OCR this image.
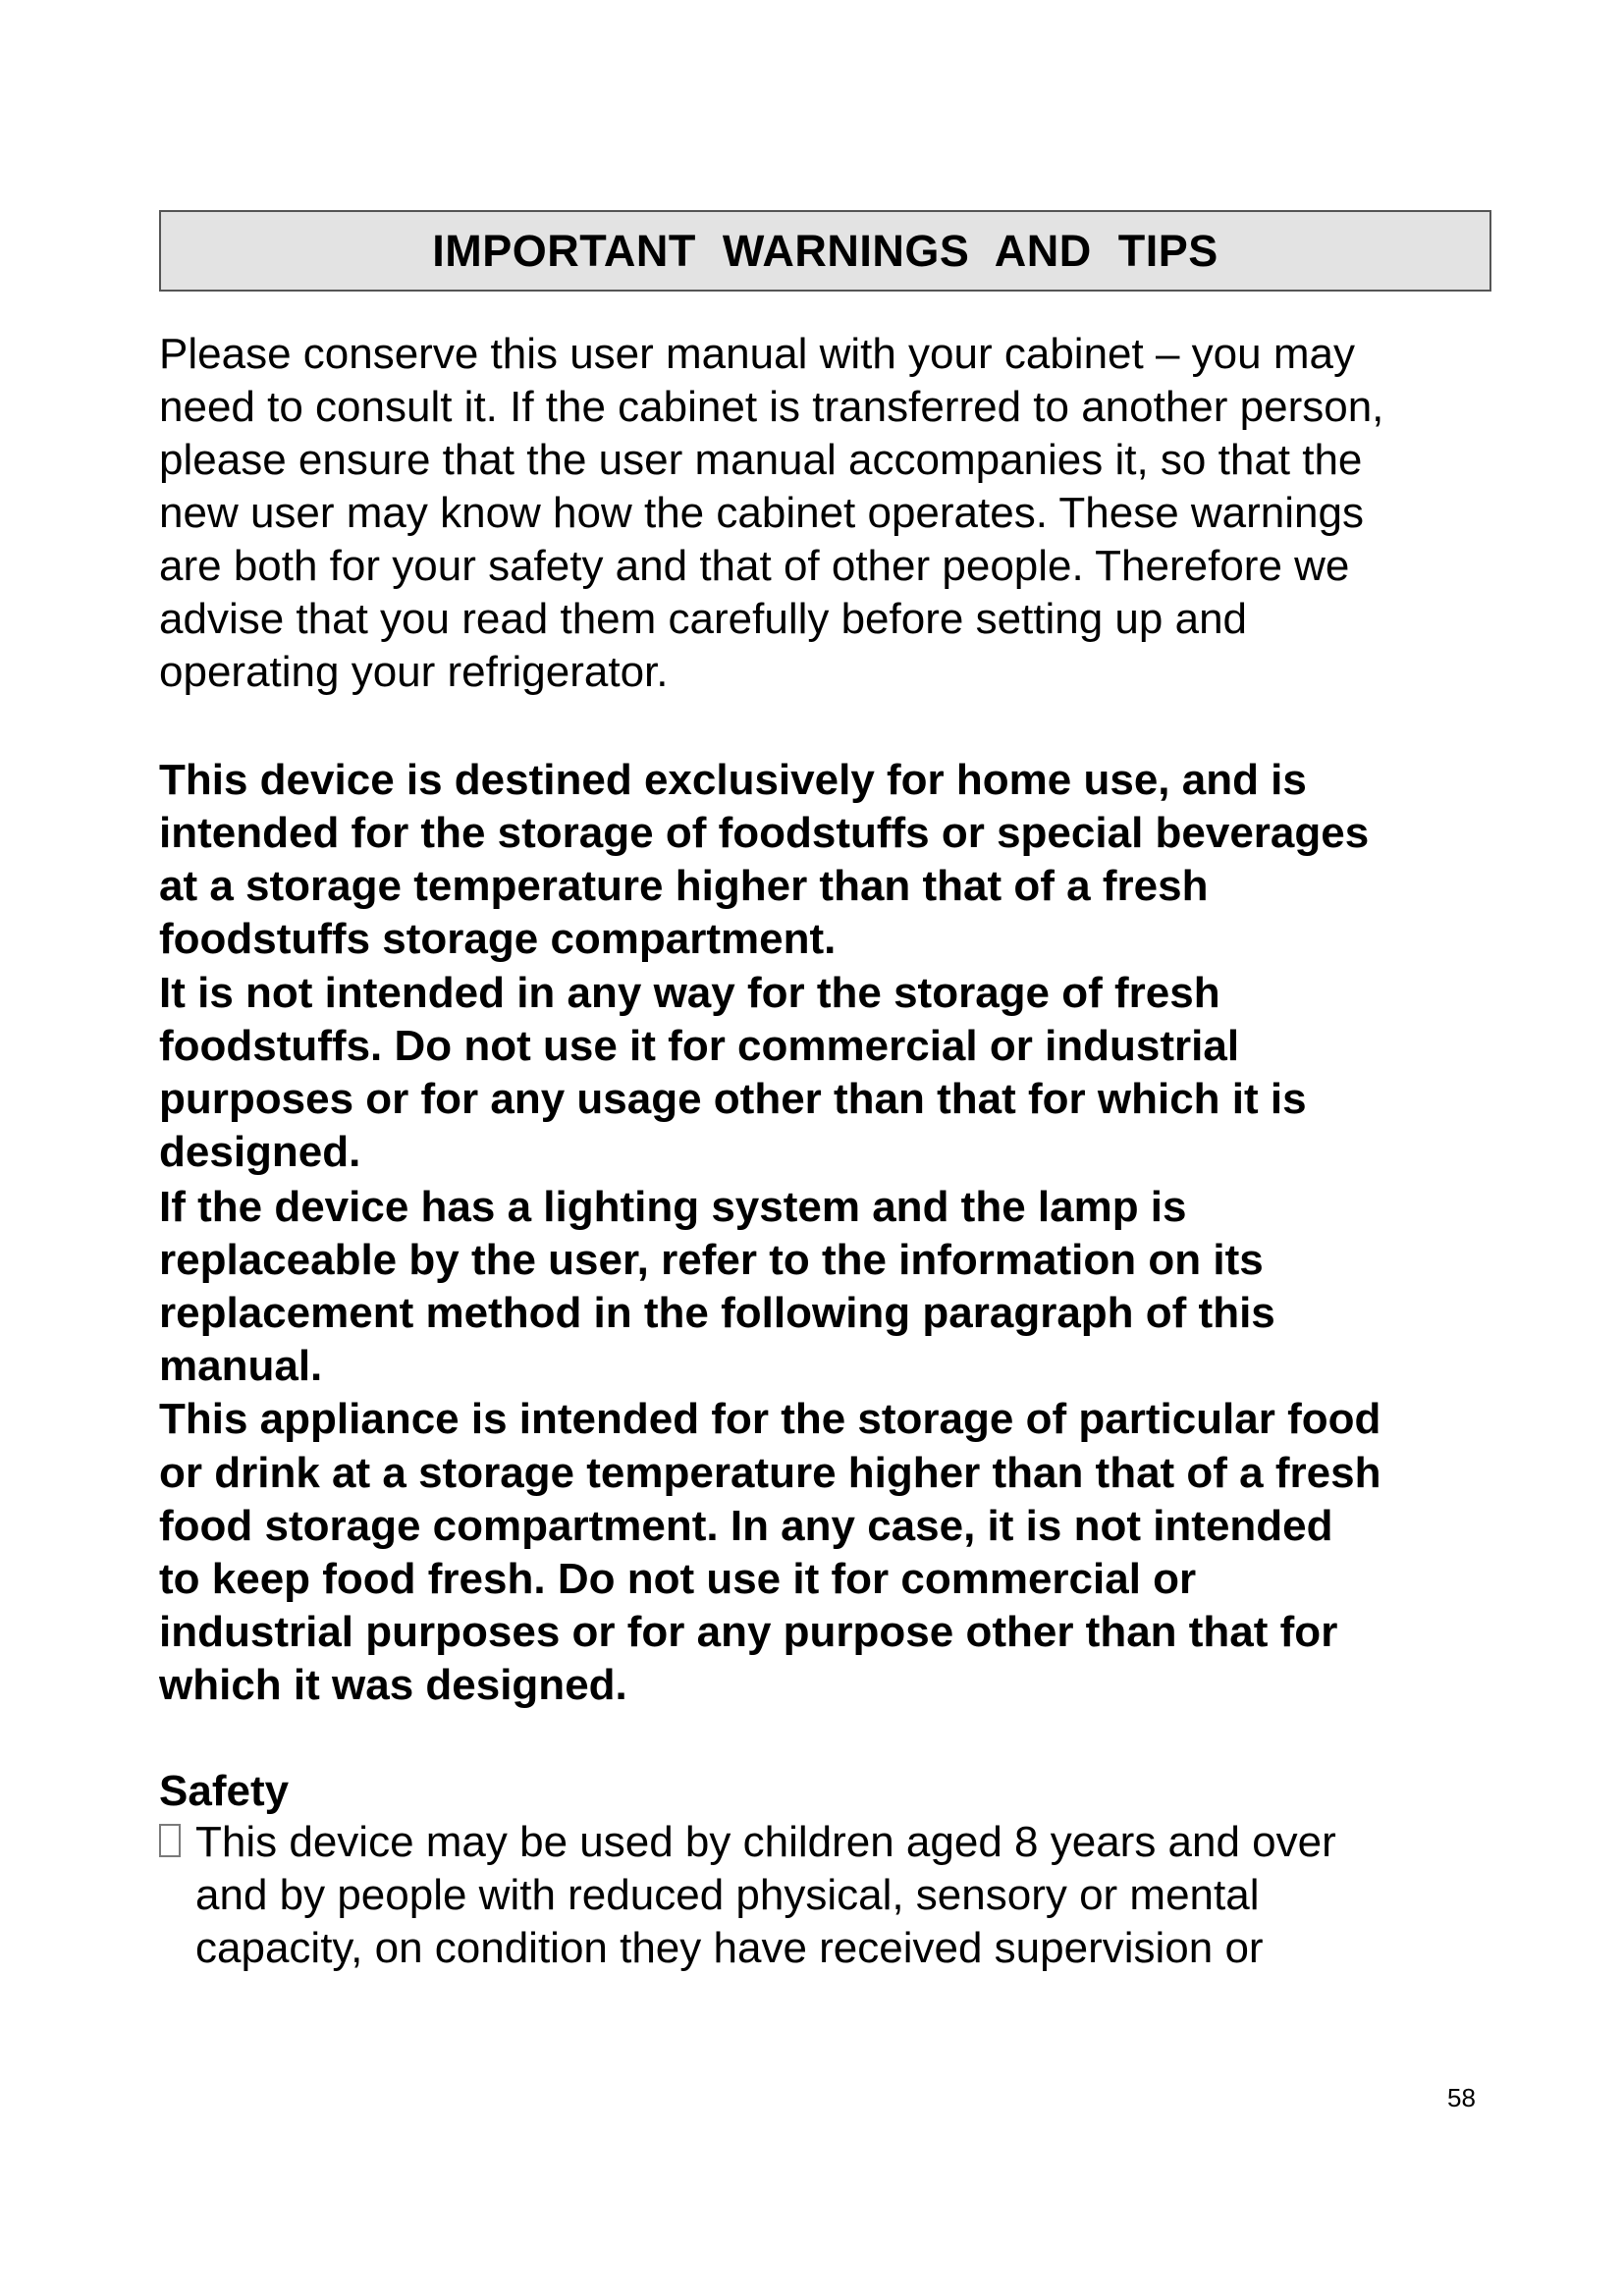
IMPORTANT WARNINGS AND TIPS

Please conserve this user manual with your cabinet – you may

need to consult it. If the cabinet is transferred to another person,

please ensure that the user manual accompanies it, so that the

new user may know how the cabinet operates. These warnings

are both for your safety and that of other people. Therefore we

advise that you read them carefully before setting up and

operating your refrigerator.

This device is destined exclusively for home use, and is

intended for the storage of foodstuffs or special beverages

at a storage temperature higher than that of a fresh

foodstuffs storage compartment.

It is not intended in any way for the storage of fresh

foodstuffs. Do not use it for commercial or industrial

purposes or for any usage other than that for which it is

designed.

If the device has a lighting system and the lamp is

replaceable by the user, refer to the information on its

replacement method in the following paragraph of this

manual.

This appliance is intended for the storage of particular food

or drink at a storage temperature higher than that of a fresh

food storage compartment. In any case, it is not intended

to keep food fresh. Do not use it for commercial or

industrial purposes or for any purpose other than that for

which it was designed.

Safety

This device may be used by children aged 8 years and over

and by people with reduced physical, sensory or mental

capacity, on condition they have received supervision or

58
